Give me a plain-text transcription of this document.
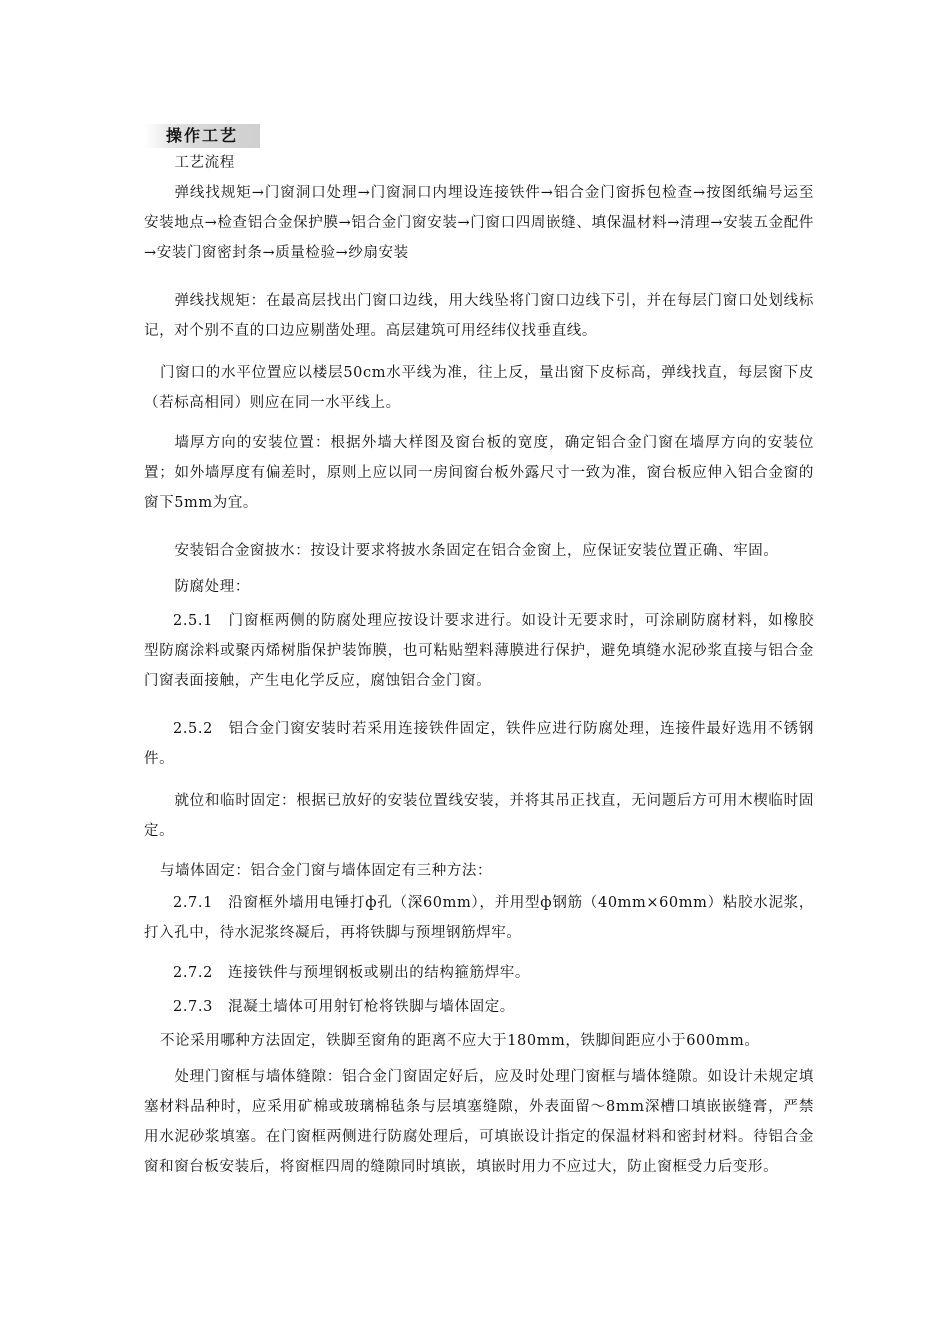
操作工艺
工艺流程
弹线找规矩→门窗洞口处理→门窗洞口内埋设连接铁件→铝合金门窗拆包检查→按图纸编号运至安装地点→检查铝合金保护膜→铝合金门窗安装→门窗口四周嵌缝、填保温材料→清理→安装五金配件→安装门窗密封条→质量检验→纱扇安装
弹线找规矩：在最高层找出门窗口边线，用大线坠将门窗口边线下引，并在每层门窗口处划线标记，对个别不直的口边应剔凿处理。高层建筑可用经纬仪找垂直线。
门窗口的水平位置应以楼层50cm水平线为准，往上反，量出窗下皮标高，弹线找直，每层窗下皮（若标高相同）则应在同一水平线上。
墙厚方向的安装位置：根据外墙大样图及窗台板的宽度，确定铝合金门窗在墙厚方向的安装位置；如外墙厚度有偏差时，原则上应以同一房间窗台板外露尺寸一致为准，窗台板应伸入铝合金窗的窗下5mm为宜。
安装铝合金窗披水：按设计要求将披水条固定在铝合金窗上，应保证安装位置正确、牢固。
防腐处理：
2.5.1　门窗框两侧的防腐处理应按设计要求进行。如设计无要求时，可涂刷防腐材料，如橡胶型防腐涂料或聚丙烯树脂保护装饰膜，也可粘贴塑料薄膜进行保护，避免填缝水泥砂浆直接与铝合金门窗表面接触，产生电化学反应，腐蚀铝合金门窗。
2.5.2　铝合金门窗安装时若采用连接铁件固定，铁件应进行防腐处理，连接件最好选用不锈钢件。
就位和临时固定：根据已放好的安装位置线安装，并将其吊正找直，无问题后方可用木楔临时固定。
与墙体固定：铝合金门窗与墙体固定有三种方法：
2.7.1　沿窗框外墙用电锤打ф孔（深60mm），并用型ф钢筋（40mm×60mm）粘胶水泥浆，打入孔中，待水泥浆终凝后，再将铁脚与预埋钢筋焊牢。
2.7.2　连接铁件与预埋钢板或剔出的结构箍筋焊牢。
2.7.3　混凝土墙体可用射钉枪将铁脚与墙体固定。
不论采用哪种方法固定，铁脚至窗角的距离不应大于180mm，铁脚间距应小于600mm。
处理门窗框与墙体缝隙：铝合金门窗固定好后，应及时处理门窗框与墙体缝隙。如设计未规定填塞材料品种时，应采用矿棉或玻璃棉毡条与层填塞缝隙，外表面留～8mm深槽口填嵌嵌缝膏，严禁用水泥砂浆填塞。在门窗框两侧进行防腐处理后，可填嵌设计指定的保温材料和密封材料。待铝合金窗和窗台板安装后，将窗框四周的缝隙同时填嵌，填嵌时用力不应过大，防止窗框受力后变形。
